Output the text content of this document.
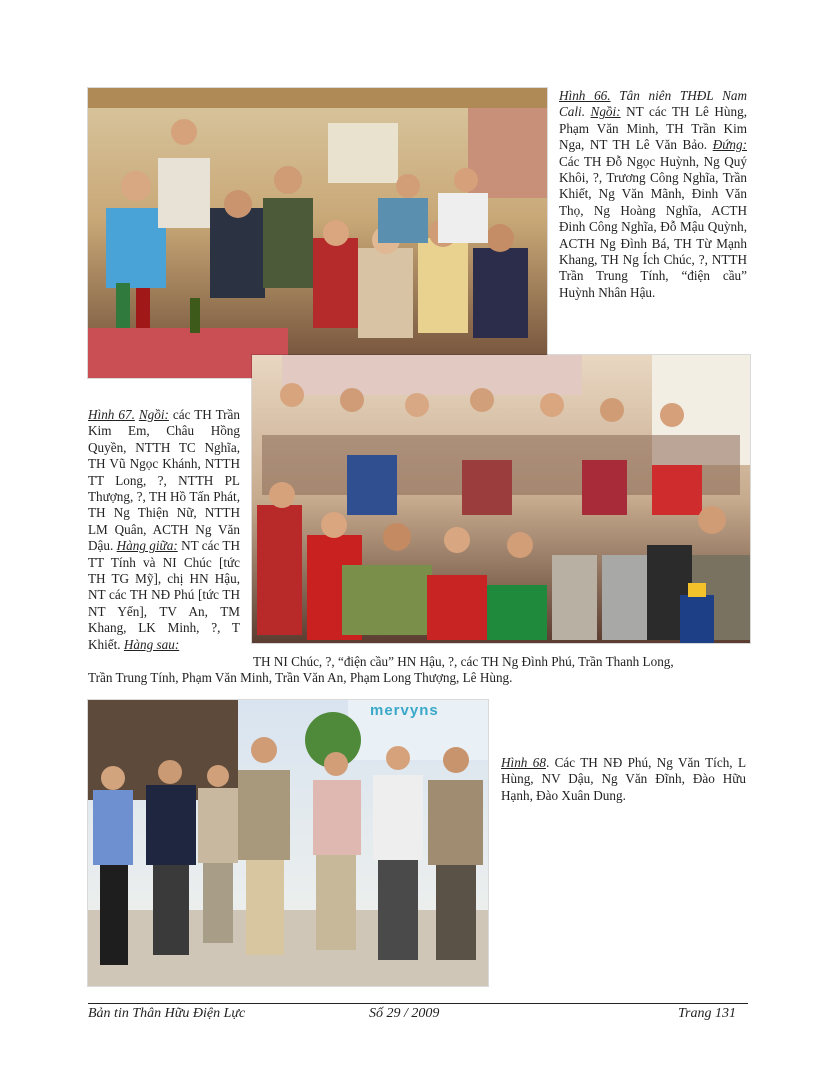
Hình 66. Tân niên THĐL Nam Cali. Ngồi: NT các TH Lê Hùng, Phạm Văn Minh, TH Trần Kim Nga, NT TH Lê Văn Bảo. Đứng: Các TH Đỗ Ngọc Huỳnh, Ng Quý Khôi, ?, Trương Công Nghĩa, Trần Khiết, Ng Văn Mãnh, Đinh Văn Thọ, Ng Hoàng Nghĩa, ACTH Đinh Công Nghĩa, Đỗ Mậu Quỳnh, ACTH Ng Đình Bá, TH Từ Mạnh Khang, TH Ng Ích Chúc, ?, NTTH Trần Trung Tính, “điện cầu” Huỳnh Nhân Hậu.
Hình 67. Ngồi: các TH Trần Kim Em, Châu Hồng Quyền, NTTH TC Nghĩa, TH Vũ Ngọc Khánh, NTTH TT Long, ?, NTTH PL Thượng, ?, TH Hồ Tấn Phát, TH Ng Thiện Nữ, NTTH LM Quân, ACTH Ng Văn Dậu. Hàng giữa: NT các TH TT Tính và NI Chúc [tức TH TG Mỹ], chị HN Hậu, NT các TH NĐ Phú [tức TH NT Yến], TV An, TM Khang, LK Minh, ?, T Khiết. Hàng sau:
TH NI Chúc, ?, “điện cầu” HN Hậu, ?, các TH Ng Đình Phú, Trần Thanh Long,
Trần Trung Tính, Phạm Văn Minh, Trần Văn An, Phạm Long Thượng, Lê Hùng.
mervyns
Hình 68. Các TH NĐ Phú, Ng Văn Tích, L Hùng, NV Dậu, Ng Văn Đĩnh, Đào Hữu Hạnh, Đào Xuân Dung.
Bản tin Thân Hữu Điện Lực	Số 29 / 2009	Trang 131
